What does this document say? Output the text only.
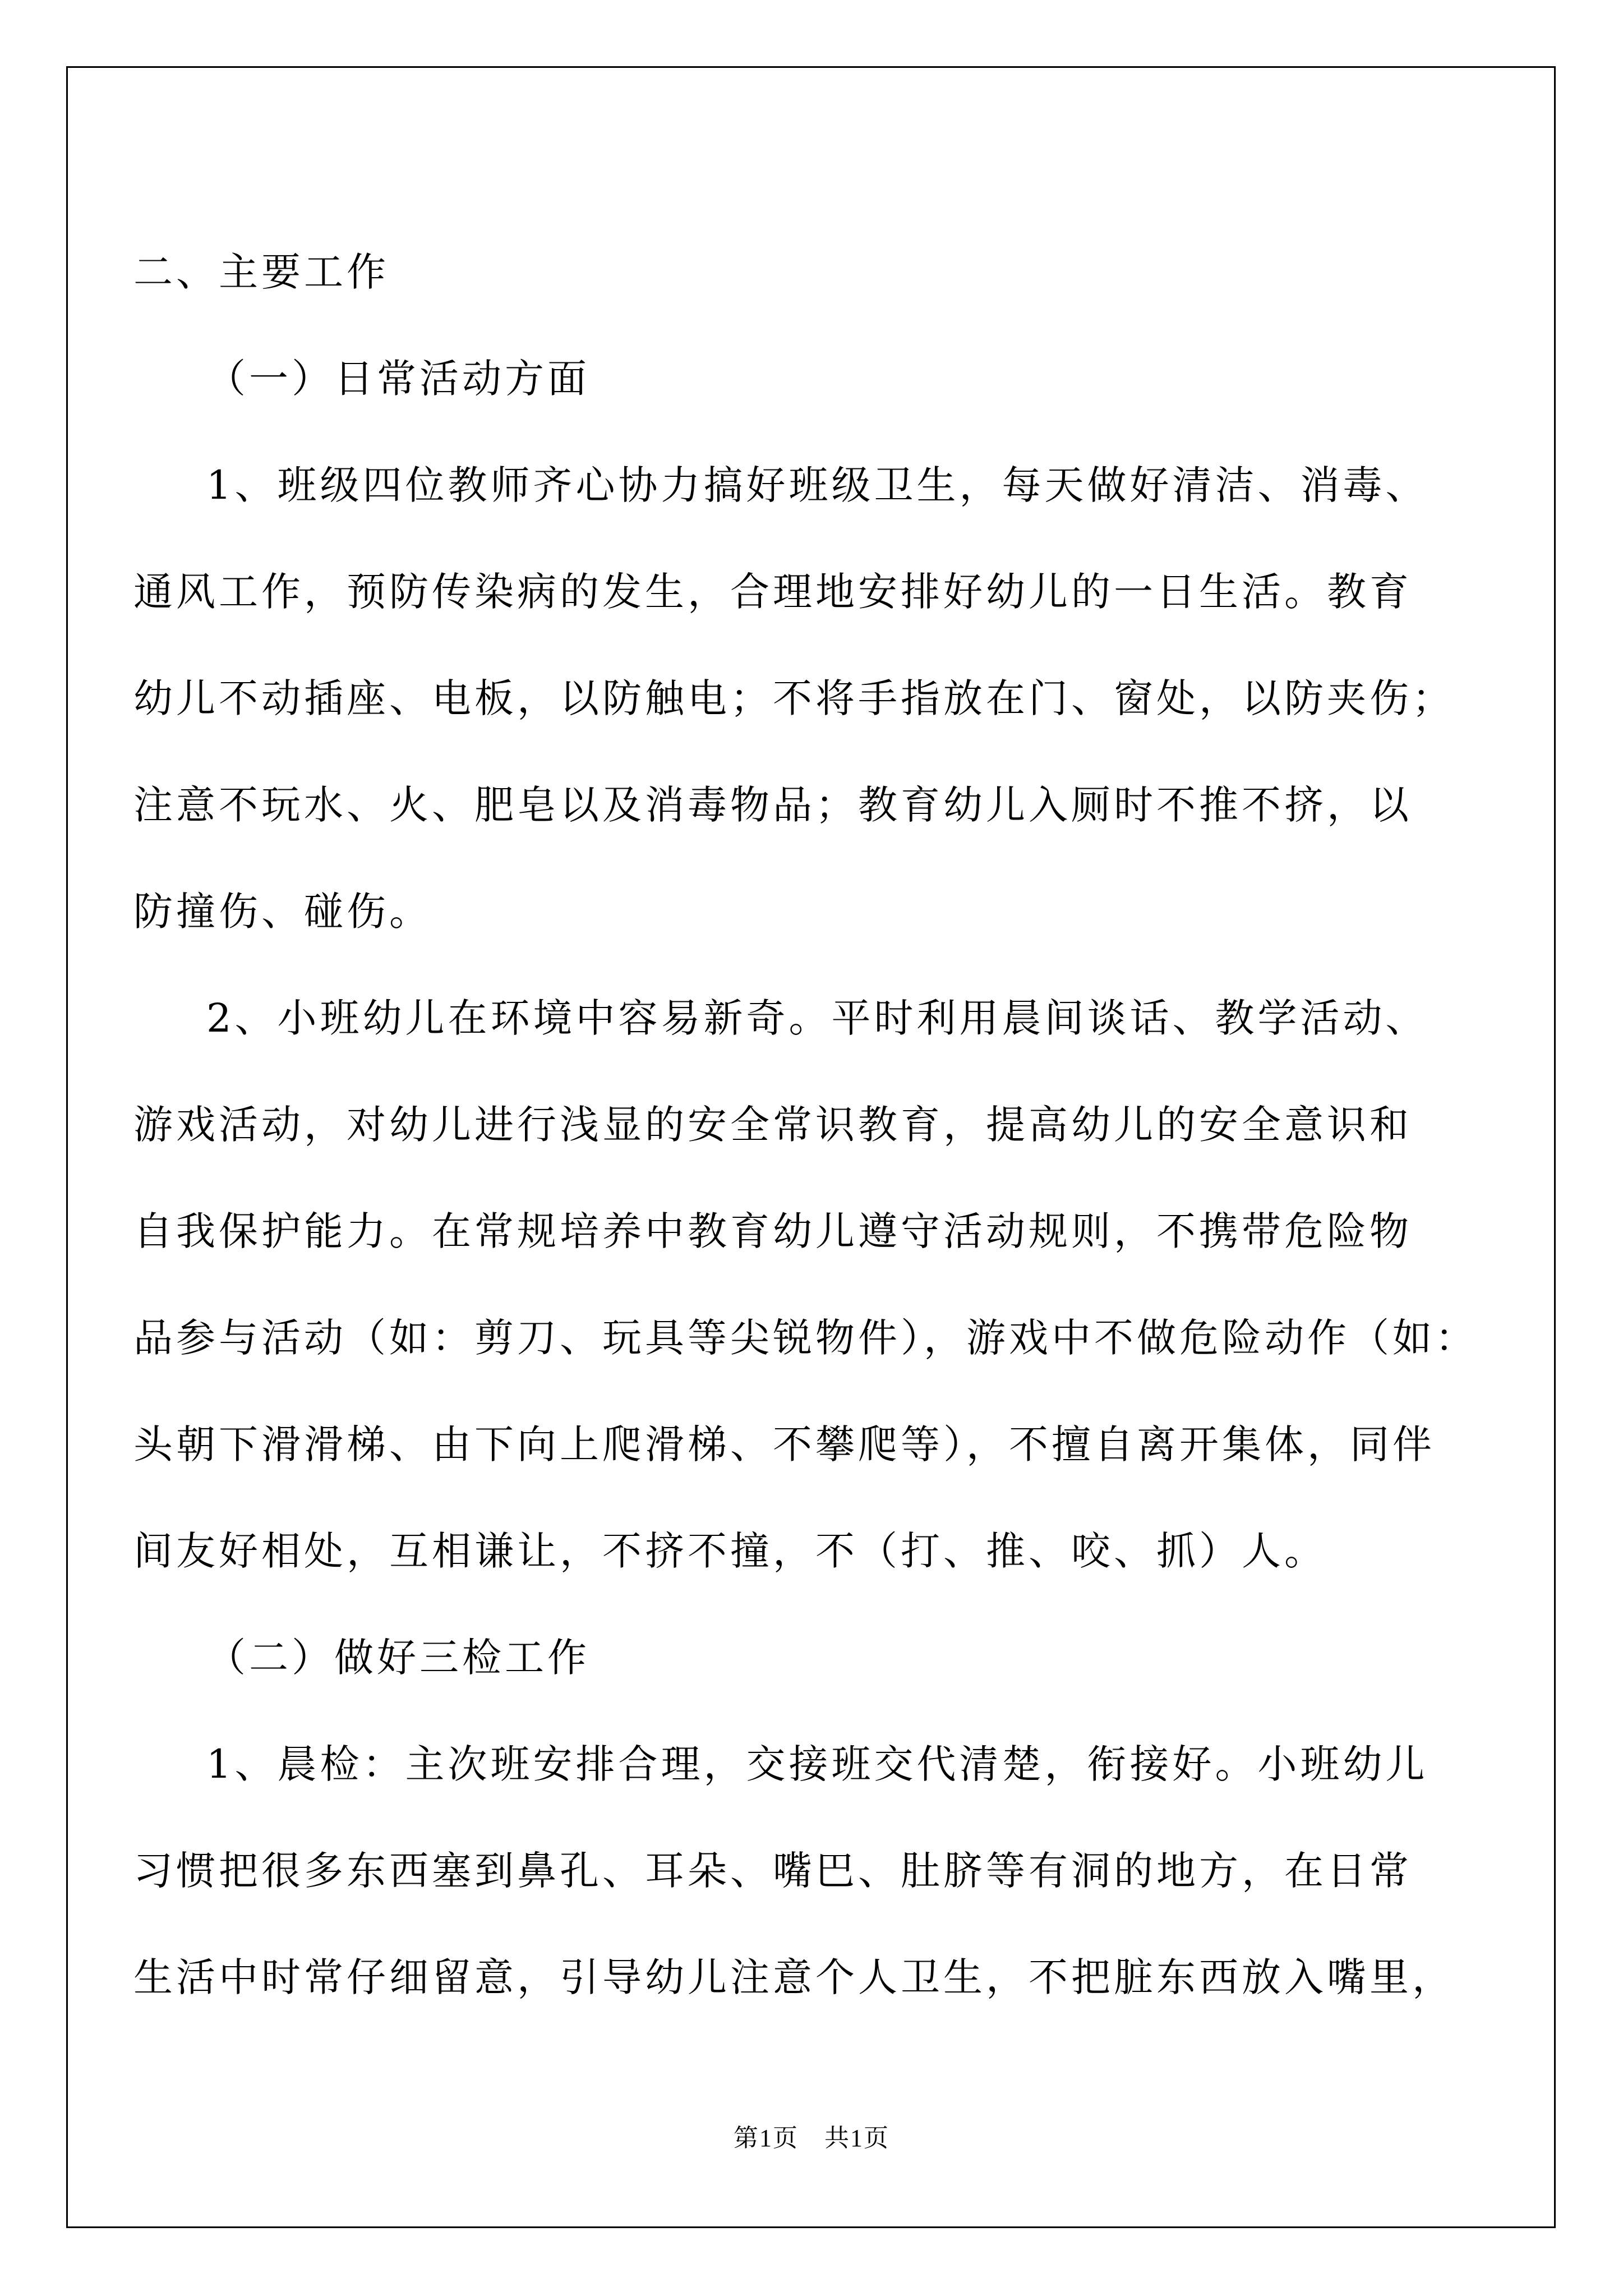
二、主要工作
（一）日常活动方面
1、班级四位教师齐心协力搞好班级卫生，每天做好清洁、消毒、
通风工作，预防传染病的发生，合理地安排好幼儿的一日生活。教育
幼儿不动插座、电板，以防触电；不将手指放在门、窗处，以防夹伤；
注意不玩水、火、肥皂以及消毒物品；教育幼儿入厕时不推不挤，以
防撞伤、碰伤。
2、小班幼儿在环境中容易新奇。平时利用晨间谈话、教学活动、
游戏活动，对幼儿进行浅显的安全常识教育，提高幼儿的安全意识和
自我保护能力。在常规培养中教育幼儿遵守活动规则，不携带危险物
品参与活动（如：剪刀、玩具等尖锐物件），游戏中不做危险动作（如：
头朝下滑滑梯、由下向上爬滑梯、不攀爬等），不擅自离开集体，同伴
间友好相处，互相谦让，不挤不撞，不（打、推、咬、抓）人。
（二）做好三检工作
1、晨检：主次班安排合理，交接班交代清楚，衔接好。小班幼儿
习惯把很多东西塞到鼻孔、耳朵、嘴巴、肚脐等有洞的地方，在日常
生活中时常仔细留意，引导幼儿注意个人卫生，不把脏东西放入嘴里，
第1页　共1页
